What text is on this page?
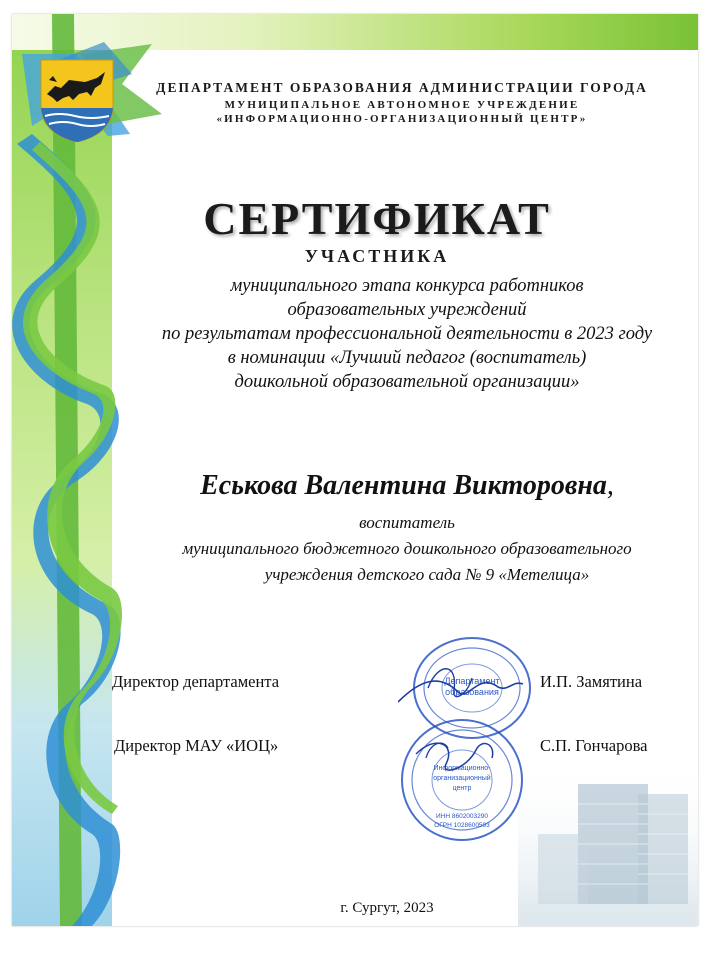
ДЕПАРТАМЕНТ ОБРАЗОВАНИЯ АДМИНИСТРАЦИИ ГОРОДА
МУНИЦИПАЛЬНОЕ АВТОНОМНОЕ УЧРЕЖДЕНИЕ
«ИНФОРМАЦИОННО-ОРГАНИЗАЦИОННЫЙ ЦЕНТР»
СЕРТИФИКАТ
УЧАСТНИКА
муниципального этапа конкурса работников
образовательных учреждений
по результатам профессиональной деятельности в 2023 году
в номинации «Лучший педагог (воспитатель)
дошкольной образовательной организации»
Еськова Валентина Викторовна,
воспитатель
муниципального бюджетного дошкольного образовательного
учреждения детского сада № 9 «Метелица»
Департамент
образования
Информационно-
организационный
центр
ИНН 8602003290
ОГРН 1028600593
Директор департамента	И.П. Замятина
Директор МАУ «ИОЦ»	С.П. Гончарова
г. Сургут, 2023
